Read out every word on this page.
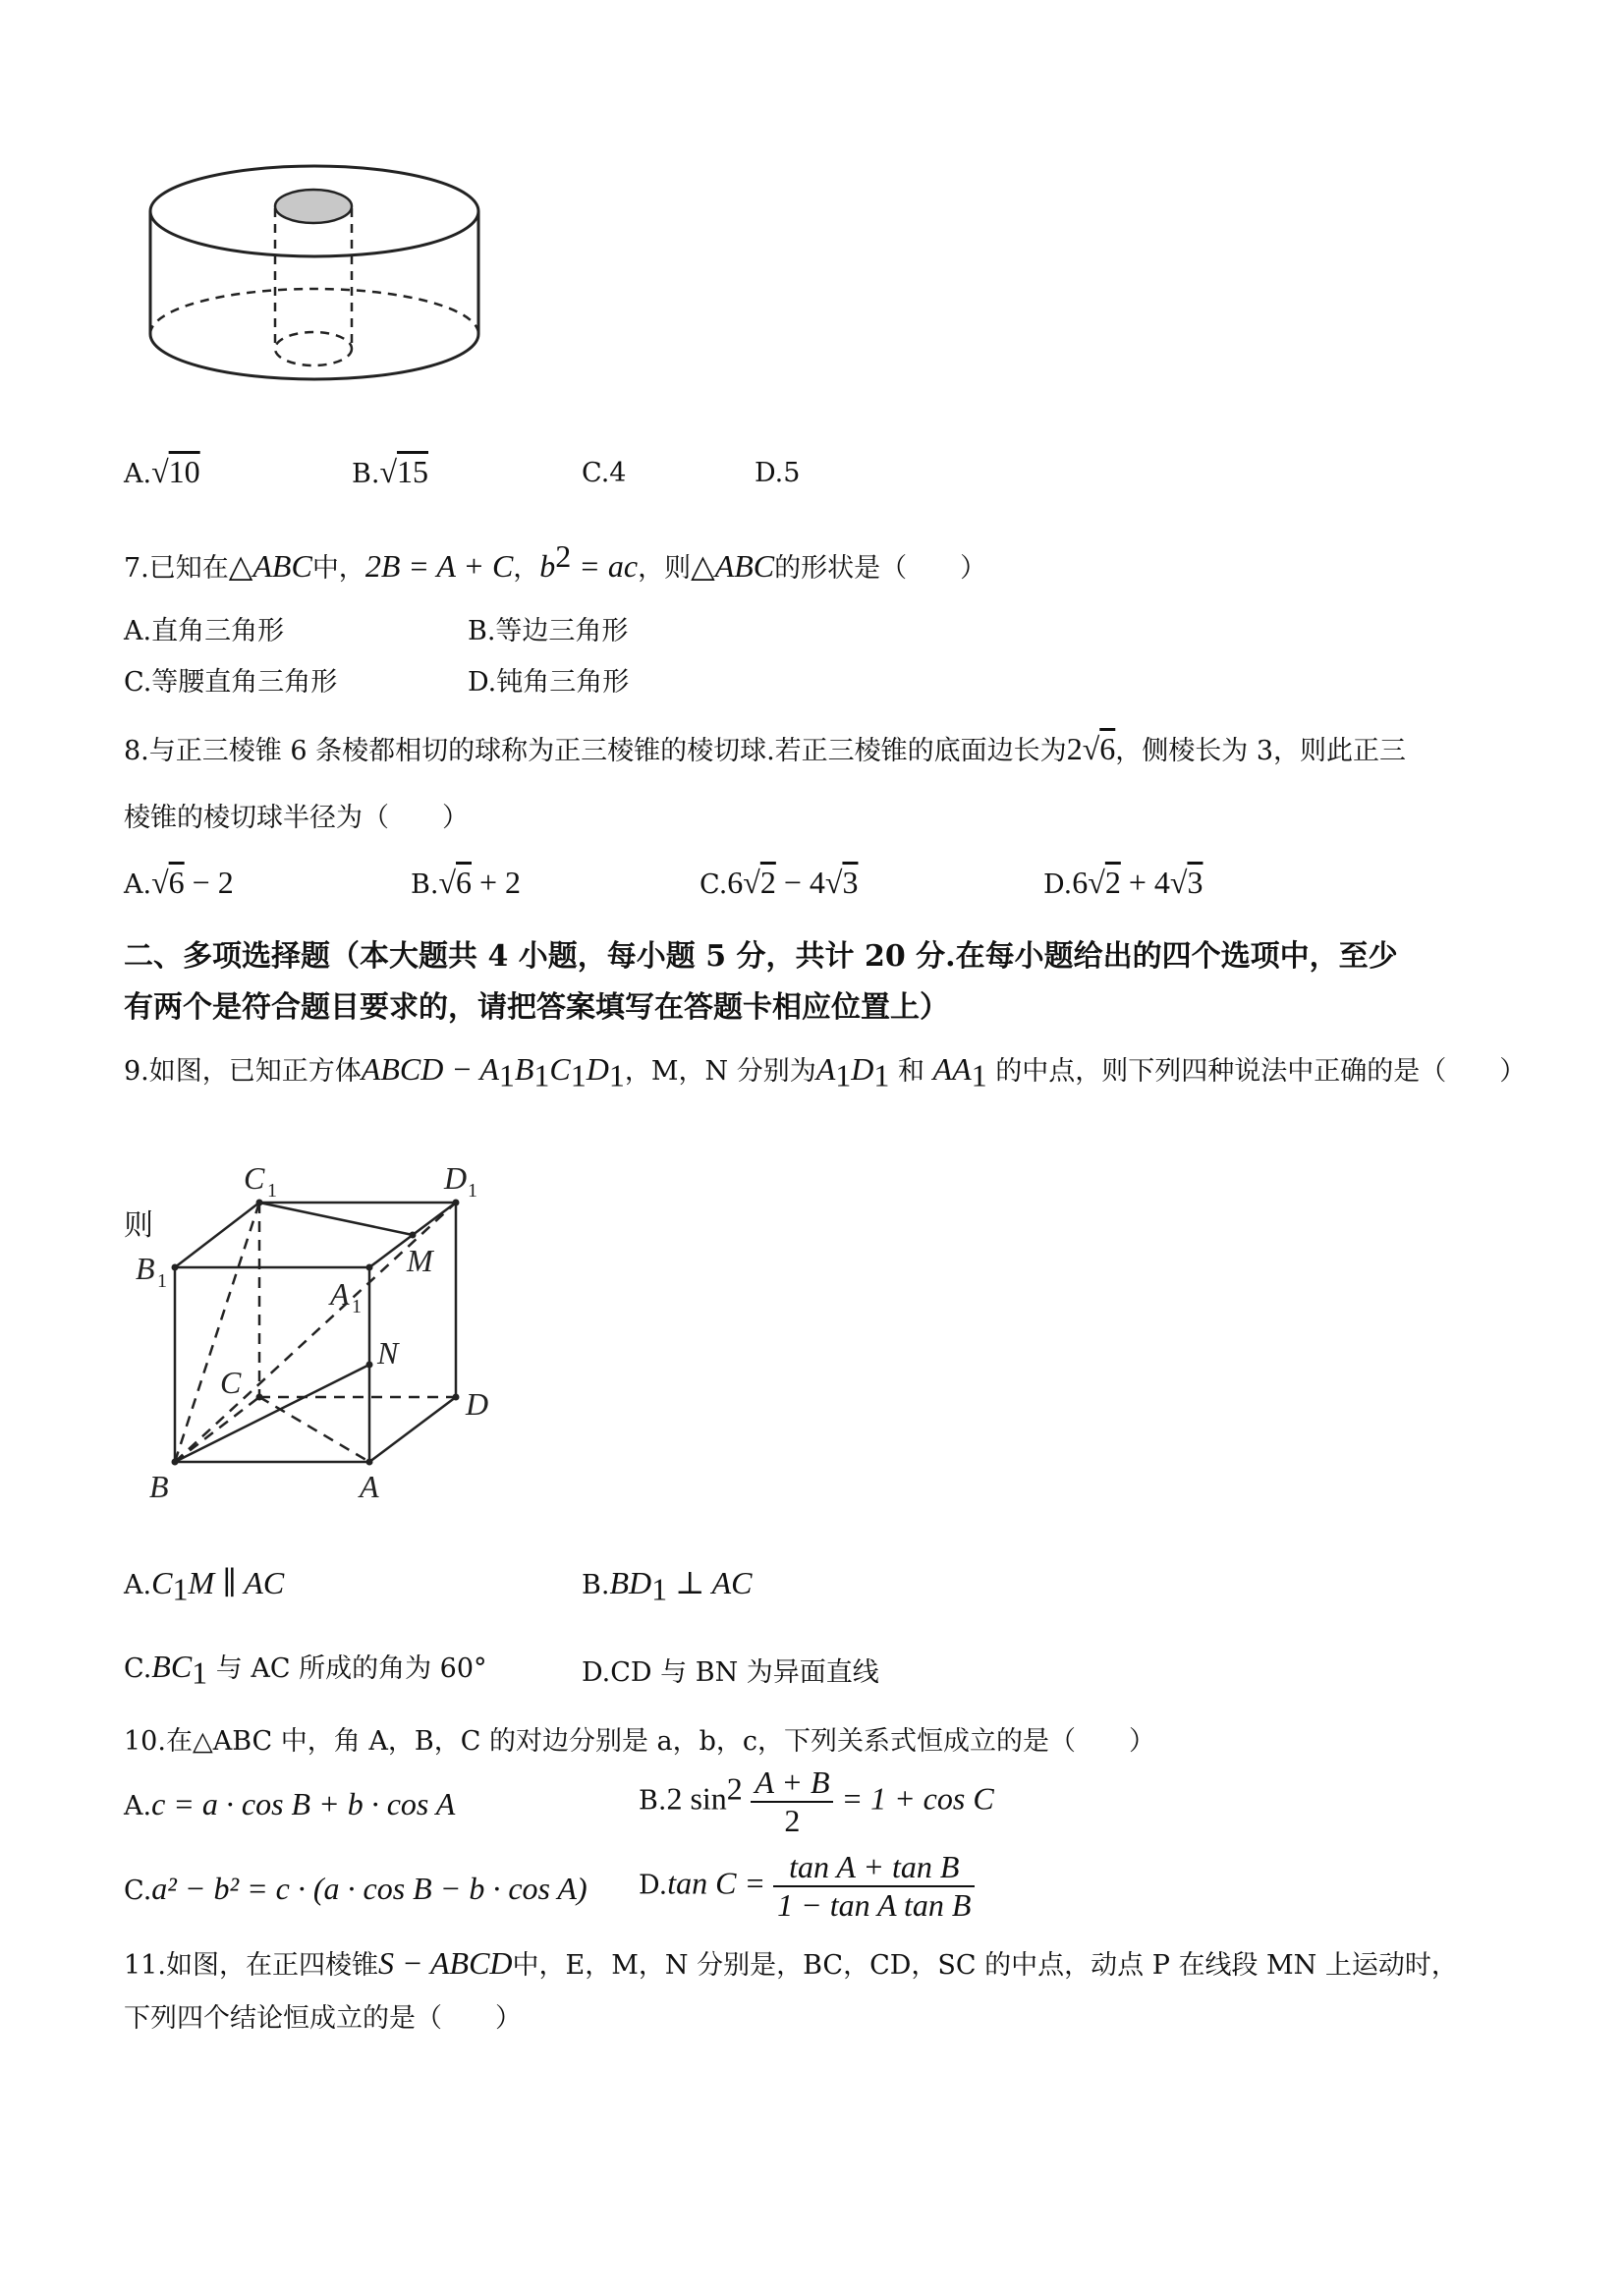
A.√10	B.√15	C.4	D.5
7.已知在△ABC中，2B = A + C，$b^2$ = ac，则△ABC的形状是（　　）
A.直角三角形	B.等边三角形
C.等腰直角三角形	D.钝角三角形
8.与正三棱锥 6 条棱都相切的球称为正三棱锥的棱切球.若正三棱锥的底面边长为2√6，侧棱长为 3，则此正三
棱锥的棱切球半径为（　　）
A.√6 − 2	B.√6 + 2	C.6√2 − 4√3	D.6√2 + 4√3
二、多项选择题（本大题共 4 小题，每小题 5 分，共计 20 分.在每小题给出的四个选项中，至少
有两个是符合题目要求的，请把答案填写在答题卡相应位置上）
9.如图，已知正方体ABCD − $A_1B_1C_1D_1$，M，N 分别为$A_1D_1$ 和 $AA_1$ 的中点，则下列四种说法中正确的是（　　）
则
C 1	D 1
B 1	A 1
M
N
C
D
B	A
$A.C_1M$ ∥ AC	$B.BD_1$ ⊥ AC
$C.BC_1$ 与 AC 所成的角为 60°	D.CD 与 BN 为异面直线
10.在△ABC 中，角 A，B，C 的对边分别是 a，b，c，下列关系式恒成立的是（　　）
A.c = a · cos B + b · cos A	B.2 $\sin^2 \frac{A + B}{2} = 1 + \cos C$
C.a² − b² = c · (a · cos B − b · cos A) D.tan $C = \frac{\text{tan A + tan B}}{\text{1 − tan A tan B}}$
11.如图，在正四棱锥S − ABCD中，E，M，N 分别是，BC，CD，SC 的中点，动点 P 在线段 MN 上运动时，
下列四个结论恒成立的是（　　）
